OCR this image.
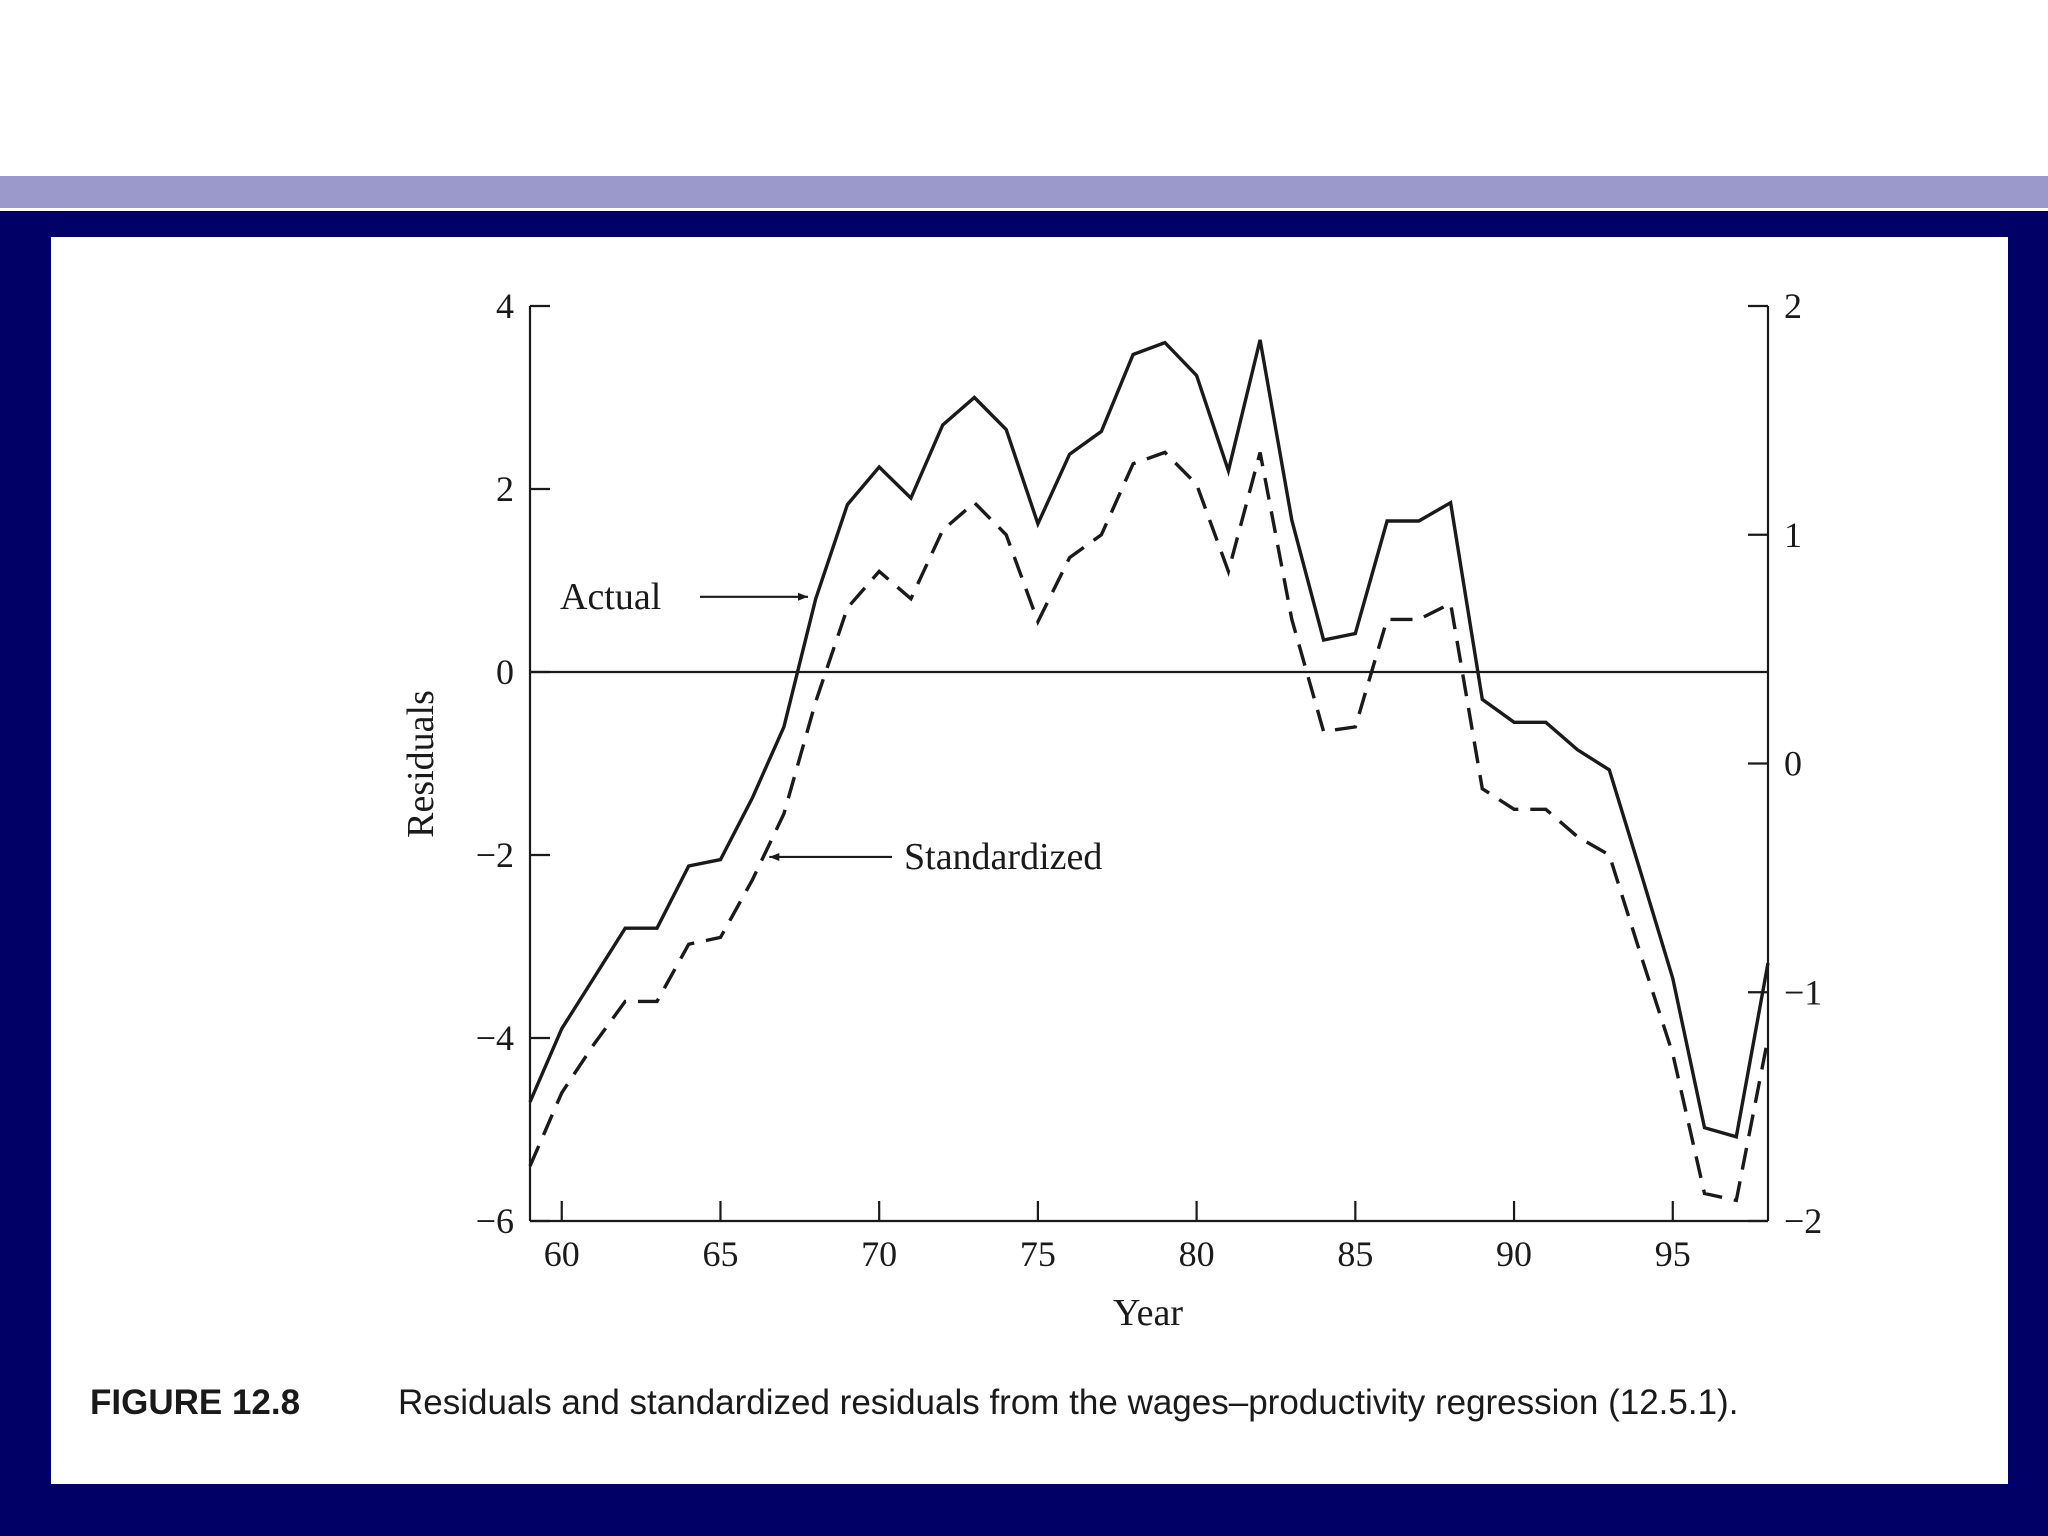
4
2
0
−2
−4
−6
2
1
0
−1
−2
60	65	70	75	80	85	90	95
Actual
Standardized
Year
Residuals
FIGURE 12.8	Residuals and standardized residuals from the wages–productivity regression (12.5.1).
